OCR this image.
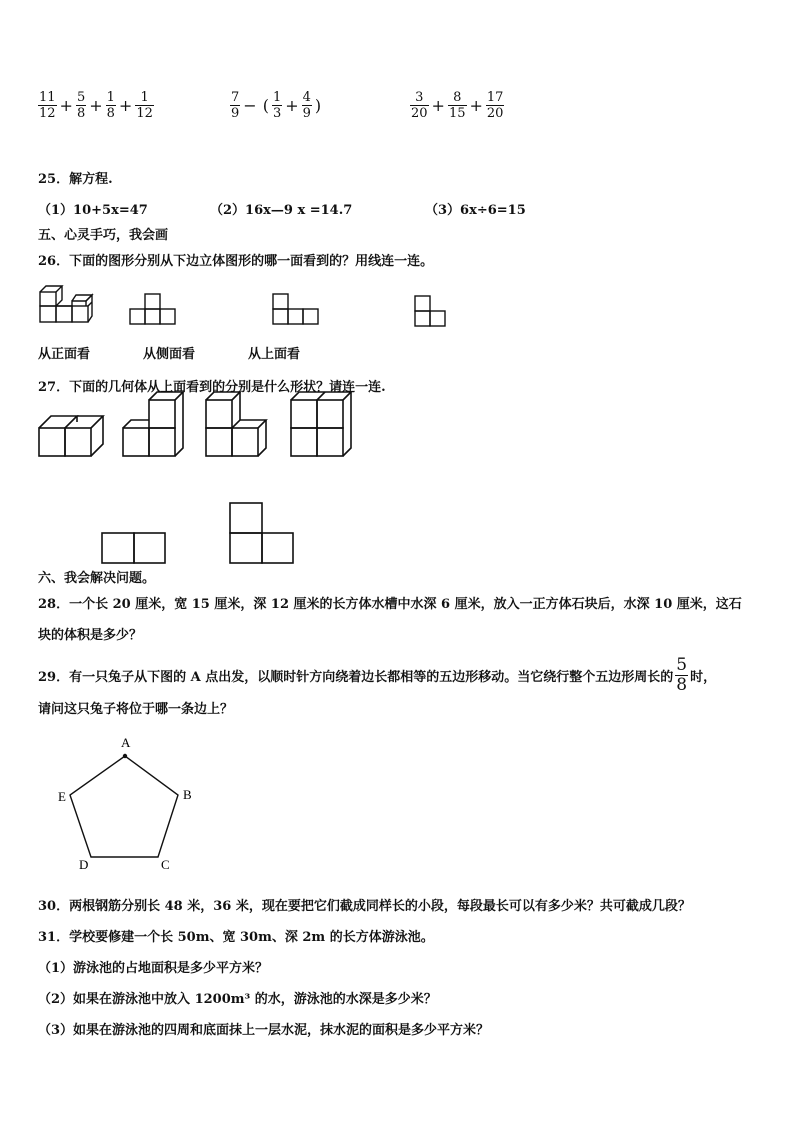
$\frac{11}{12} + \frac{5}{8} + \frac{1}{8} + \frac{1}{12}$	$\frac{7}{9}$ − ( $\frac{1}{3} + \frac{4}{9}$ )	$\frac{3}{20} + \frac{8}{15} + \frac{17}{20}$
25．解方程.
（1）10+5x=47	（2）16x—9 x =14.7	（3）6x÷6=15
五、心灵手巧，我会画
26．下面的图形分别从下边立体图形的哪一面看到的？用线连一连。
从正面看	从侧面看	从上面看
27．下面的几何体从上面看到的分别是什么形状？请连一连.
六、我会解决问题。
28．一个长 20 厘米，宽 15 厘米，深 12 厘米的长方体水槽中水深 6 厘米，放入一正方体石块后，水深 10 厘米，这石
块的体积是多少？
29．有一只兔子从下图的 A 点出发，以顺时针方向绕着边长都相等的五边形移动。当它绕行整个五边形周长的 $\frac{5}{8}$ 时，
请问这只兔子将位于哪一条边上？
A
B
C
D
E
30．两根钢筋分别长 48 米，36 米，现在要把它们截成同样长的小段，每段最长可以有多少米？共可截成几段？
31．学校要修建一个长 50m、宽 30m、深 2m 的长方体游泳池。
（1）游泳池的占地面积是多少平方米？
（2）如果在游泳池中放入 1200m³ 的水，游泳池的水深是多少米？
（3）如果在游泳池的四周和底面抹上一层水泥，抹水泥的面积是多少平方米？
